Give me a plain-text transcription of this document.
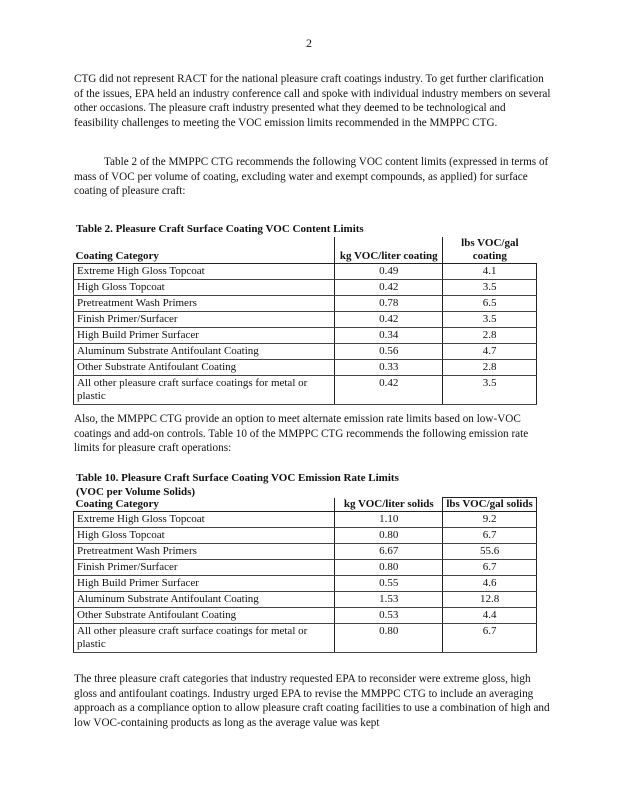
2

CTG did not represent RACT for the national pleasure craft coatings industry. To get further clarification of the issues, EPA held an industry conference call and spoke with individual industry members on several other occasions. The pleasure craft industry presented what they deemed to be technological and feasibility challenges to meeting the VOC emission limits recommended in the MMPPC CTG.

Table 2 of the MMPPC CTG recommends the following VOC content limits (expressed in terms of mass of VOC per volume of coating, excluding water and exempt compounds, as applied) for surface coating of pleasure craft:

Table 2. Pleasure Craft Surface Coating VOC Content Limits
Coating Category	kg VOC/liter coating	lbs VOC/gal coating
Extreme High Gloss Topcoat	0.49	4.1
High Gloss Topcoat	0.42	3.5
Pretreatment Wash Primers	0.78	6.5
Finish Primer/Surfacer	0.42	3.5
High Build Primer Surfacer	0.34	2.8
Aluminum Substrate Antifoulant Coating	0.56	4.7
Other Substrate Antifoulant Coating	0.33	2.8
All other pleasure craft surface coatings for metal or plastic	0.42	3.5

Also, the MMPPC CTG provide an option to meet alternate emission rate limits based on low-VOC coatings and add-on controls. Table 10 of the MMPPC CTG recommends the following emission rate limits for pleasure craft operations:

Table 10. Pleasure Craft Surface Coating VOC Emission Rate Limits
(VOC per Volume Solids)
Coating Category	kg VOC/liter solids	lbs VOC/gal solids
Extreme High Gloss Topcoat	1.10	9.2
High Gloss Topcoat	0.80	6.7
Pretreatment Wash Primers	6.67	55.6
Finish Primer/Surfacer	0.80	6.7
High Build Primer Surfacer	0.55	4.6
Aluminum Substrate Antifoulant Coating	1.53	12.8
Other Substrate Antifoulant Coating	0.53	4.4
All other pleasure craft surface coatings for metal or plastic	0.80	6.7

The three pleasure craft categories that industry requested EPA to reconsider were extreme gloss, high gloss and antifoulant coatings. Industry urged EPA to revise the MMPPC CTG to include an averaging approach as a compliance option to allow pleasure craft coating facilities to use a combination of high and low VOC-containing products as long as the average value was kept
